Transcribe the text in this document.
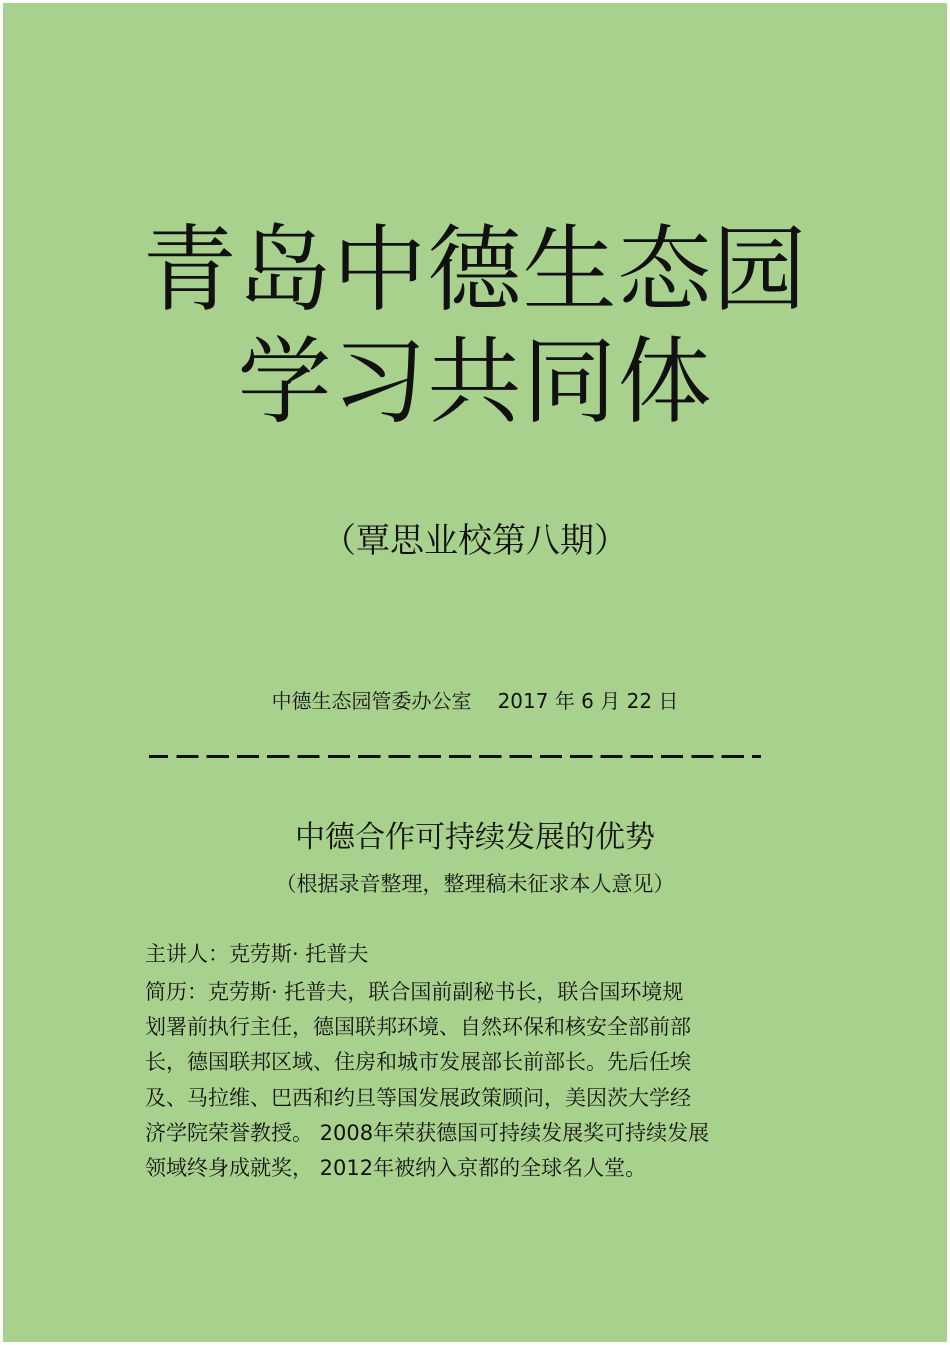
青岛中德生态园
学习共同体
（覃思业校第八期）
中德生态园管委办公室 2017 年 6 月 22 日
中德合作可持续发展的优势
（根据录音整理，整理稿未征求本人意见）
主讲人：克劳斯· 托普夫
简历：克劳斯· 托普夫，联合国前副秘书长，联合国环境规
划署前执行主任，德国联邦环境、自然环保和核安全部前部
长，德国联邦区域、住房和城市发展部长前部长。先后任埃
及、马拉维、巴西和约旦等国发展政策顾问，美因茨大学经
济学院荣誉教授。 2008年荣获德国可持续发展奖可持续发展
领域终身成就奖， 2012年被纳入京都的全球名人堂。
